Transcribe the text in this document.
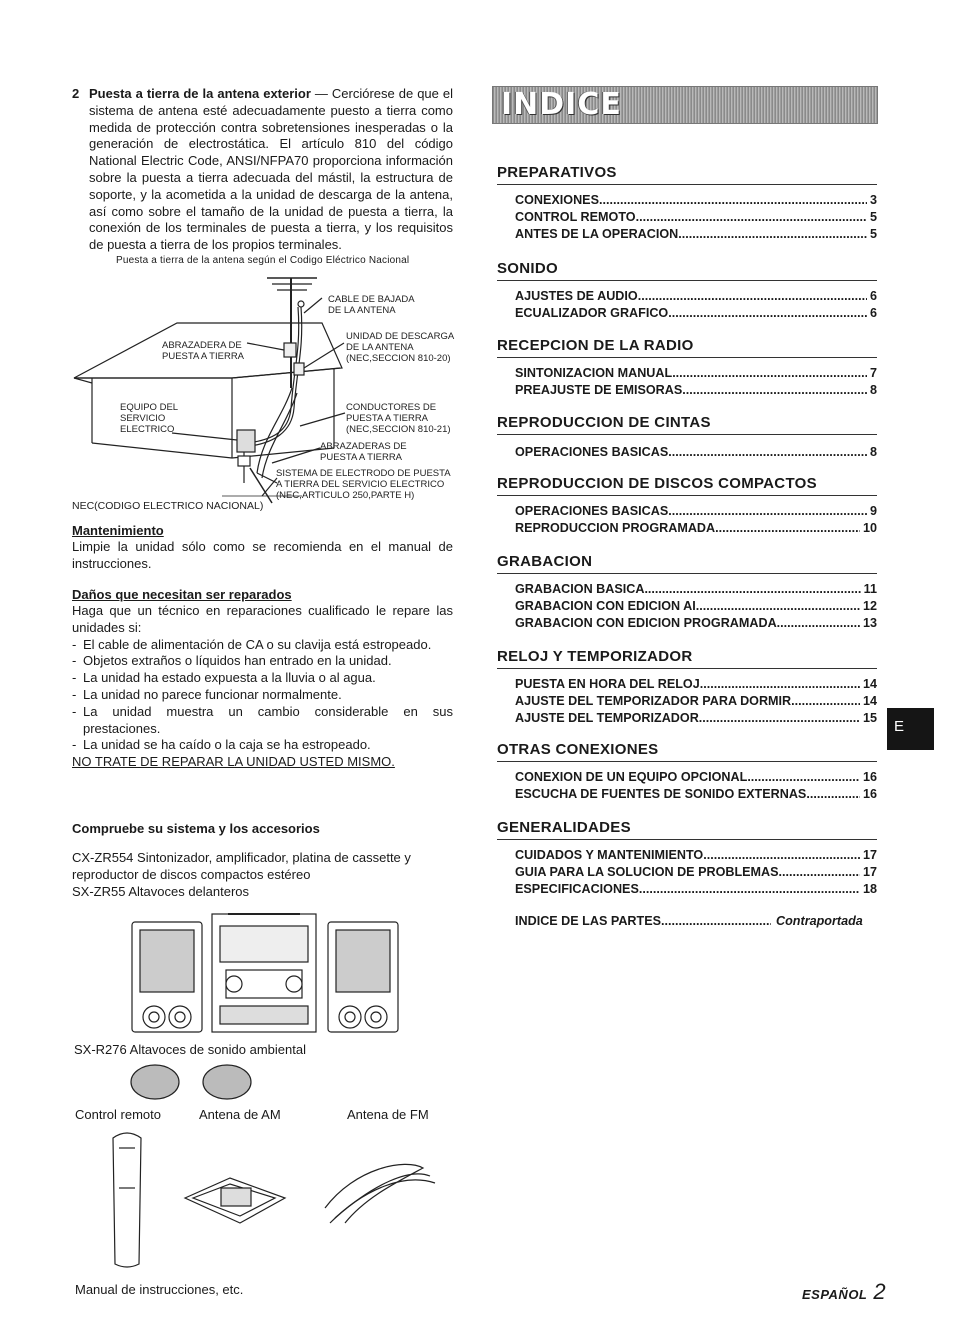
2 Puesta a tierra de la antena exterior — Cerciórese de que el sistema de antena esté adecuadamente puesto a tierra como medida de protección contra sobretensiones inesperadas o la generación de electrostática. El artículo 810 del código National Electric Code, ANSI/NFPA70 proporciona información sobre la puesta a tierra adecuada del mástil, la estructura de soporte, y la acometida a la unidad de descarga de la antena, así como sobre el tamaño de la unidad de puesta a tierra, la conexión de los terminales de puesta a tierra, y los requisitos de puesta a tierra de los propios terminales.
Puesta a tierra de la antena según el Codigo Eléctrico Nacional
CABLE DE BAJADA
DE LA ANTENA
UNIDAD DE DESCARGA
DE LA ANTENA
(NEC,SECCION 810-20)
ABRAZADERA DE
PUESTA A TIERRA
EQUIPO DEL
SERVICIO
ELECTRICO
CONDUCTORES DE
PUESTA A TIERRA
(NEC,SECCION 810-21)
ABRAZADERAS DE
PUESTA A TIERRA
SISTEMA DE ELECTRODO DE PUESTA
A TIERRA DEL SERVICIO ELECTRICO
(NEC,ARTICULO 250,PARTE H)
NEC(CODIGO ELECTRICO NACIONAL)
Mantenimiento
Limpie la unidad sólo como se recomienda en el manual de instrucciones.
Daños que necesitan ser reparados
Haga que un técnico en reparaciones cualificado le repare las unidades si:
- El cable de alimentación de CA o su clavija está estropeado.
- Objetos extraños o líquidos han entrado en la unidad.
- La unidad ha estado expuesta a la lluvia o al agua.
- La unidad no parece funcionar normalmente.
- La unidad muestra un cambio considerable en sus prestaciones.
- La unidad se ha caído o la caja se ha estropeado.
NO TRATE DE REPARAR LA UNIDAD USTED MISMO.
Compruebe su sistema y los accesorios
CX-ZR554 Sintonizador, amplificador, platina de cassette y reproductor de discos compactos estéreo
SX-ZR55 Altavoces delanteros
SX-R276 Altavoces de sonido ambiental
Control remoto	Antena de AM	Antena de FM
Manual de instrucciones, etc.
INDICE
PREPARATIVOS
CONEXIONES .....	3
CONTROL REMOTO .....	5
ANTES DE LA OPERACION .....	5
SONIDO
AJUSTES DE AUDIO .....	6
ECUALIZADOR GRAFICO .....	6
RECEPCION DE LA RADIO
SINTONIZACION MANUAL .....	7
PREAJUSTE DE EMISORAS .....	8
REPRODUCCION DE CINTAS
OPERACIONES BASICAS .....	8
REPRODUCCION DE DISCOS COMPACTOS
OPERACIONES BASICAS .....	9
REPRODUCCION PROGRAMADA .....	10
GRABACION
GRABACION BASICA .....	11
GRABACION CON EDICION AI .....	12
GRABACION CON EDICION PROGRAMADA .....	13
RELOJ Y TEMPORIZADOR
PUESTA EN HORA DEL RELOJ .....	14
AJUSTE DEL TEMPORIZADOR PARA DORMIR .....	14
AJUSTE DEL TEMPORIZADOR .....	15
OTRAS CONEXIONES
CONEXION DE UN EQUIPO OPCIONAL .....	16
ESCUCHA DE FUENTES DE SONIDO EXTERNAS .....	16
GENERALIDADES
CUIDADOS Y MANTENIMIENTO .....	17
GUIA PARA LA SOLUCION DE PROBLEMAS .....	17
ESPECIFICACIONES .....	18
INDICE DE LAS PARTES .....	Contraportada
E
ESPAÑOL 2
